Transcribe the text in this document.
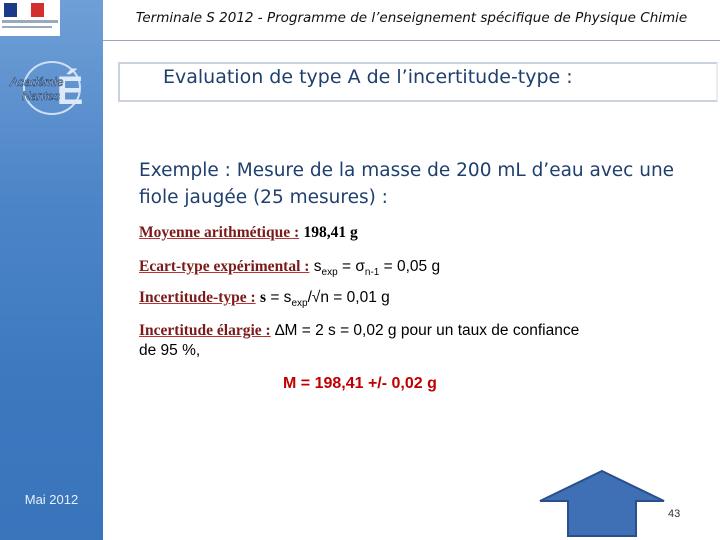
É
Académie
Nantes
Mai 2012
Terminale S 2012 - Programme de l’enseignement spécifique de Physique Chimie
Evaluation de type A de l’incertitude-type :
Exemple : Mesure de la masse de 200 mL d’eau avec une fiole jaugée (25 mesures) :
Moyenne arithmétique : 198,41 g
Ecart-type expérimental : $s_{exp} = \sigma_{n-1} = 0,05$ g
Incertitude-type : $s = s_{exp}/√n = 0,01$ g
Incertitude élargie : ∆M = 2 s = 0,02 g pour un taux de confiance
de 95 %,
M = 198,41 +/- 0,02 g
43
